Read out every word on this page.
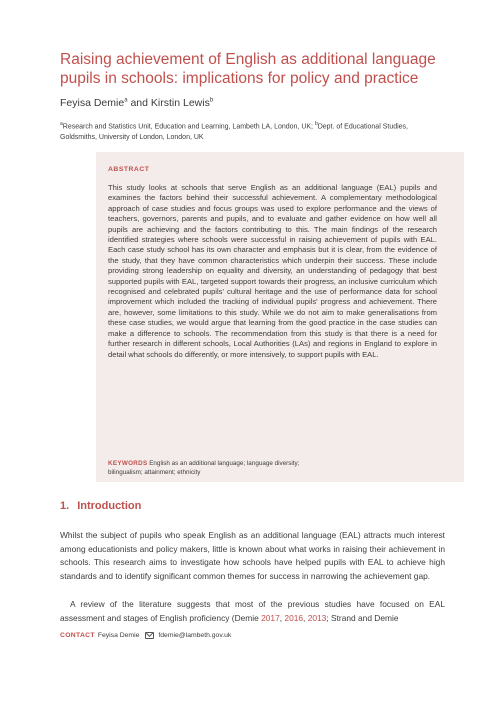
Raising achievement of English as additional language pupils in schools: implications for policy and practice
Feyisa Demie$^a$ and Kirstin Lewis$^b$
$^a$Research and Statistics Unit, Education and Learning, Lambeth LA, London, UK; $^b$Dept. of Educational Studies, Goldsmiths, University of London, London, UK
ABSTRACT
This study looks at schools that serve English as an additional language (EAL) pupils and examines the factors behind their successful achievement. A complementary methodological approach of case studies and focus groups was used to explore performance and the views of teachers, governors, parents and pupils, and to evaluate and gather evidence on how well all pupils are achieving and the factors contributing to this. The main findings of the research identified strategies where schools were successful in raising achievement of pupils with EAL. Each case study school has its own character and emphasis but it is clear, from the evidence of the study, that they have common characteristics which underpin their success. These include providing strong leadership on equality and diversity, an understanding of pedagogy that best supported pupils with EAL, targeted support towards their progress, an inclusive curriculum which recognised and celebrated pupils' cultural heritage and the use of performance data for school improvement which included the tracking of individual pupils' progress and achievement. There are, however, some limitations to this study. While we do not aim to make generalisations from these case studies, we would argue that learning from the good practice in the case studies can make a difference to schools. The recommendation from this study is that there is a need for further research in different schools, Local Authorities (LAs) and regions in England to explore in detail what schools do differently, or more intensively, to support pupils with EAL.
KEYWORDS English as an additional language; language diversity; bilingualism; attainment; ethnicity
1. Introduction
Whilst the subject of pupils who speak English as an additional language (EAL) attracts much interest among educationists and policy makers, little is known about what works in raising their achievement in schools. This research aims to investigate how schools have helped pupils with EAL to achieve high standards and to identify significant common themes for success in narrowing the achievement gap.
A review of the literature suggests that most of the previous studies have focused on EAL assessment and stages of English proficiency (Demie 2017, 2016, 2013; Strand and Demie
CONTACT Feyisa Demie	fdemie@lambeth.gov.uk
